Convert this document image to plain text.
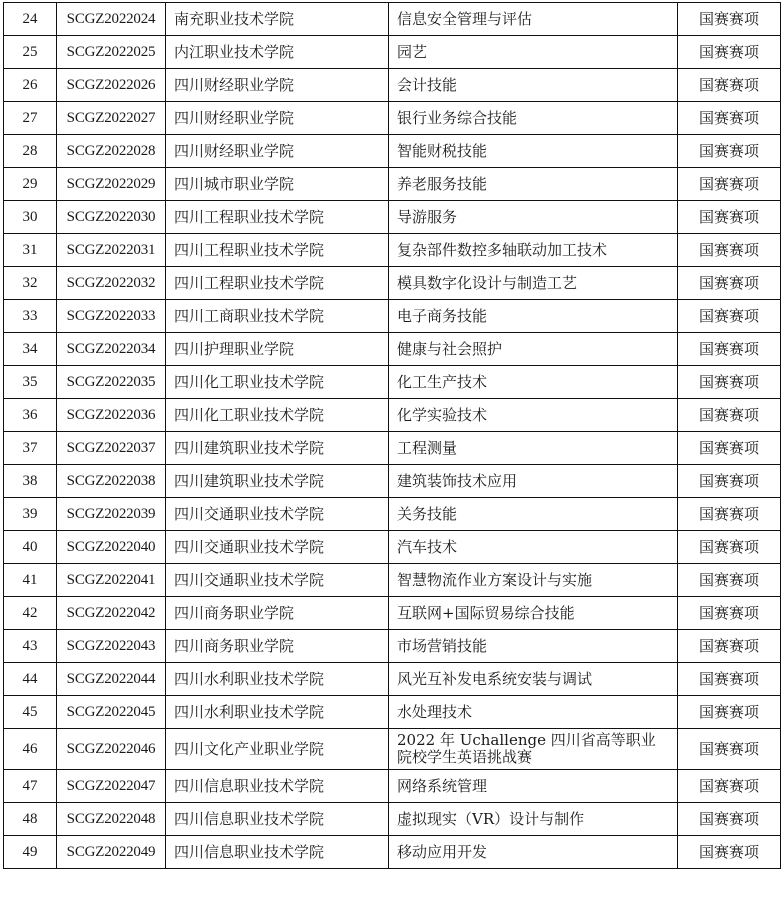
24	SCGZ2022024	南充职业技术学院	信息安全管理与评估	国赛赛项
25	SCGZ2022025	内江职业技术学院	园艺	国赛赛项
26	SCGZ2022026	四川财经职业学院	会计技能	国赛赛项
27	SCGZ2022027	四川财经职业学院	银行业务综合技能	国赛赛项
28	SCGZ2022028	四川财经职业学院	智能财税技能	国赛赛项
29	SCGZ2022029	四川城市职业学院	养老服务技能	国赛赛项
30	SCGZ2022030	四川工程职业技术学院	导游服务	国赛赛项
31	SCGZ2022031	四川工程职业技术学院	复杂部件数控多轴联动加工技术	国赛赛项
32	SCGZ2022032	四川工程职业技术学院	模具数字化设计与制造工艺	国赛赛项
33	SCGZ2022033	四川工商职业技术学院	电子商务技能	国赛赛项
34	SCGZ2022034	四川护理职业学院	健康与社会照护	国赛赛项
35	SCGZ2022035	四川化工职业技术学院	化工生产技术	国赛赛项
36	SCGZ2022036	四川化工职业技术学院	化学实验技术	国赛赛项
37	SCGZ2022037	四川建筑职业技术学院	工程测量	国赛赛项
38	SCGZ2022038	四川建筑职业技术学院	建筑装饰技术应用	国赛赛项
39	SCGZ2022039	四川交通职业技术学院	关务技能	国赛赛项
40	SCGZ2022040	四川交通职业技术学院	汽车技术	国赛赛项
41	SCGZ2022041	四川交通职业技术学院	智慧物流作业方案设计与实施	国赛赛项
42	SCGZ2022042	四川商务职业学院	互联网+国际贸易综合技能	国赛赛项
43	SCGZ2022043	四川商务职业学院	市场营销技能	国赛赛项
44	SCGZ2022044	四川水利职业技术学院	风光互补发电系统安装与调试	国赛赛项
45	SCGZ2022045	四川水利职业技术学院	水处理技术	国赛赛项
46	SCGZ2022046	四川文化产业职业学院	2022 年 Uchallenge 四川省高等职业院校学生英语挑战赛	国赛赛项
47	SCGZ2022047	四川信息职业技术学院	网络系统管理	国赛赛项
48	SCGZ2022048	四川信息职业技术学院	虚拟现实（VR）设计与制作	国赛赛项
49	SCGZ2022049	四川信息职业技术学院	移动应用开发	国赛赛项
